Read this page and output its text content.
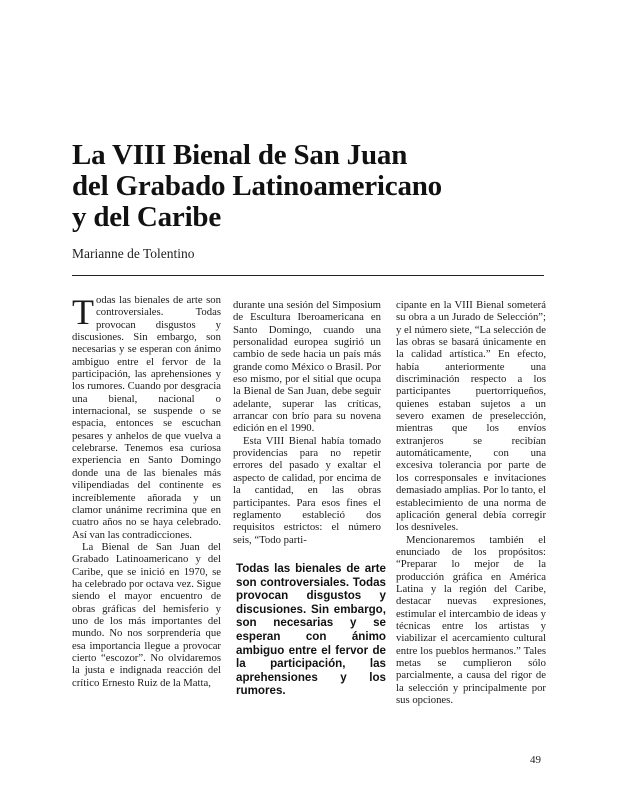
La VIII Bienal de San Juan
del Grabado Latinoamericano
y del Caribe
Marianne de Tolentino

Todas las bienales de arte son controversiales. Todas provocan disgustos y discusiones. Sin embargo, son necesarias y se esperan con ánimo ambiguo entre el fervor de la participación, las aprehensiones y los rumores. Cuando por desgracia una bienal, nacional o internacional, se suspende o se espacia, entonces se escuchan pesares y anhelos de que vuelva a celebrarse. Tenemos esa curiosa experiencia en Santo Domingo donde una de las bienales más vilipendiadas del continente es increíblemente añorada y un clamor unánime recrimina que en cuatro años no se haya celebrado. Así van las contradicciones.

La Bienal de San Juan del Grabado Latinoamericano y del Caribe, que se inició en 1970, se ha celebrado por octava vez. Sigue siendo el mayor encuentro de obras gráficas del hemisferio y uno de los más importantes del mundo. No nos sorprendería que esa importancia llegue a provocar cierto “escozor”. No olvidaremos la justa e indignada reacción del crítico Ernesto Ruiz de la Matta,

durante una sesión del Simposium de Escultura Iberoamericana en Santo Domingo, cuando una personalidad europea sugirió un cambio de sede hacia un país más grande como México o Brasil. Por eso mismo, por el sitial que ocupa la Bienal de San Juan, debe seguir adelante, superar las críticas, arrancar con brío para su novena edición en el 1990.

Esta VIII Bienal había tomado providencias para no repetir errores del pasado y exaltar el aspecto de calidad, por encima de la cantidad, en las obras participantes. Para esos fines el reglamento estableció dos requisitos estrictos: el número seis, “Todo parti-

Todas las bienales de arte son controversiales. Todas provocan disgustos y discusiones. Sin embargo, son necesarias y se esperan con ánimo ambiguo entre el fervor de la participación, las aprehensiones y los rumores.

cipante en la VIII Bienal someterá su obra a un Jurado de Selección”; y el número siete, “La selección de las obras se basará únicamente en la calidad artística.” En efecto, había anteriormente una discriminación respecto a los participantes puertorriqueños, quienes estaban sujetos a un severo examen de preselección, mientras que los envíos extranjeros se recibían automáticamente, con una excesiva tolerancia por parte de los corresponsales e invitaciones demasiado amplias. Por lo tanto, el establecimiento de una norma de aplicación general debía corregir los desniveles.

Mencionaremos también el enunciado de los propósitos: “Preparar lo mejor de la producción gráfica en América Latina y la región del Caribe, destacar nuevas expresiones, estimular el intercambio de ideas y técnicas entre los artistas y viabilizar el acercamiento cultural entre los pueblos hermanos.” Tales metas se cumplieron sólo parcialmente, a causa del rigor de la selección y principalmente por sus opciones.

49
